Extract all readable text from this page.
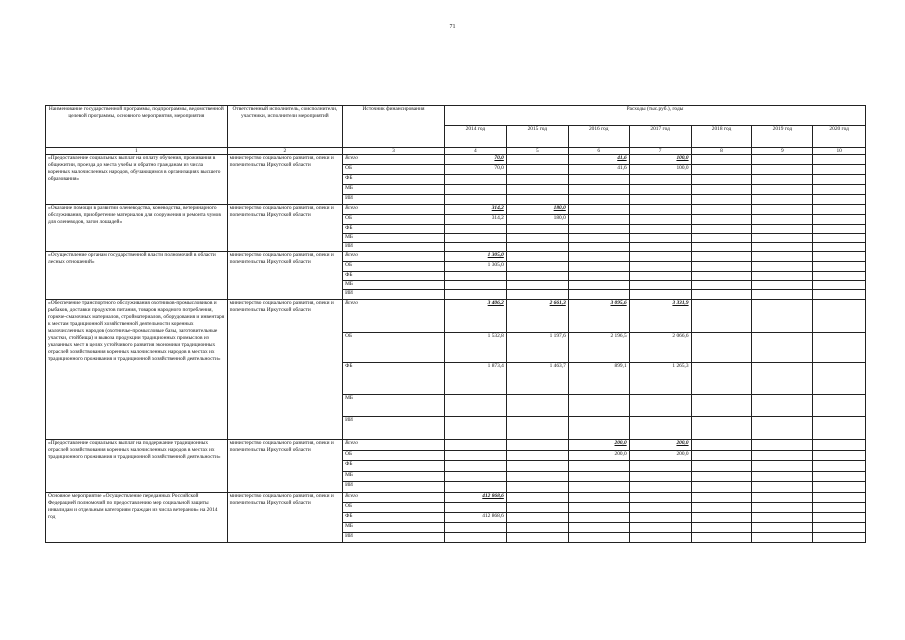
71
Наименование государственной программы, подпрограммы, ведомственной целевой программы, основного мероприятия, мероприятия	Ответственный исполнитель, соисполнители, участники, исполнители мероприятий	Источник финансирования	Расходы (тыс.руб.), годы						
			2014 год	2015 год	2016 год	2017 год	2018 год	2019 год	2020 год
1	2	3	4	5	6	7	8	9	10
«Предоставление социальных выплат на оплату обучения, проживания в общежитии, проезда до места учебы и обратно гражданам из числа коренных малочисленных народов, обучающимся в организациях высшего образования»	министерство социального развития, опеки и попечительства Иркутской области	Всего	70,0		41,6	100,0			
		ОБ	70,0		41,6	100,0			
		ФБ							
		МБ							
		ИИ							
«Оказание помощи в развитии оленеводства, коневодства, ветеринарного обслуживания, приобретение материалов для сооружения и ремонта чумов для оленеводов, загон лошадей»	министерство социального развития, опеки и попечительства Иркутской области	Всего	314,2	180,0					
		ОБ	314,2	180,0					
		ФБ							
		МБ							
		ИИ							
«Осуществление органам государственной власти полномочий в области лесных отношений»	министерство социального развития, опеки и попечительства Иркутской области	Всего	1 305,0						
		ОБ	1 305,0						
		ФБ							
		МБ							
		ИИ							
«Обеспечение транспортного обслуживания охотников-промысловиков и рыбаков, доставки продуктов питания, товаров народного потребления, горюче-смазочных материалов, стройматериалов, оборудования и инвентаря к местам традиционной хозяйственной деятельности коренных малочисленных народов (охотничье-промысловые базы, заготовительные участки, стойбища) и вывоза продукции традиционных промыслов из указанных мест в целях устойчивого развития экономики традиционных отраслей хозяйствования коренных малочисленных народов в местах их традиционного проживания и традиционной хозяйственной деятельности»	министерство социального развития, опеки и попечительства Иркутской области	Всего	3 406,2	2 661,3	3 095,6	3 331,9			
		ОБ	1 532,8	1 197,6	2 196,5	2 066,6			
		ФБ	1 873,4	1 463,7	899,1	1 265,3			
		МБ							
		ИИ							
«Предоставление социальных выплат на поддержание традиционных отраслей хозяйствования коренных малочисленных народов в местах их традиционного проживания и традиционной хозяйственной деятельности»	министерство социального развития, опеки и попечительства Иркутской области	Всего			200,0	200,0			
		ОБ			200,0	200,0			
		ФБ							
		МБ							
		ИИ							
Основное мероприятие «Осуществление переданных Российской Федерацией полномочий по предоставлению мер социальной защиты инвалидам и отдельным категориям граждан из числа ветеранов» на 2014 год	министерство социального развития, опеки и попечительства Иркутской области	Всего	412 868,6						
		ОБ							
		ФБ	412 868,6						
		МБ							
		ИИ							
